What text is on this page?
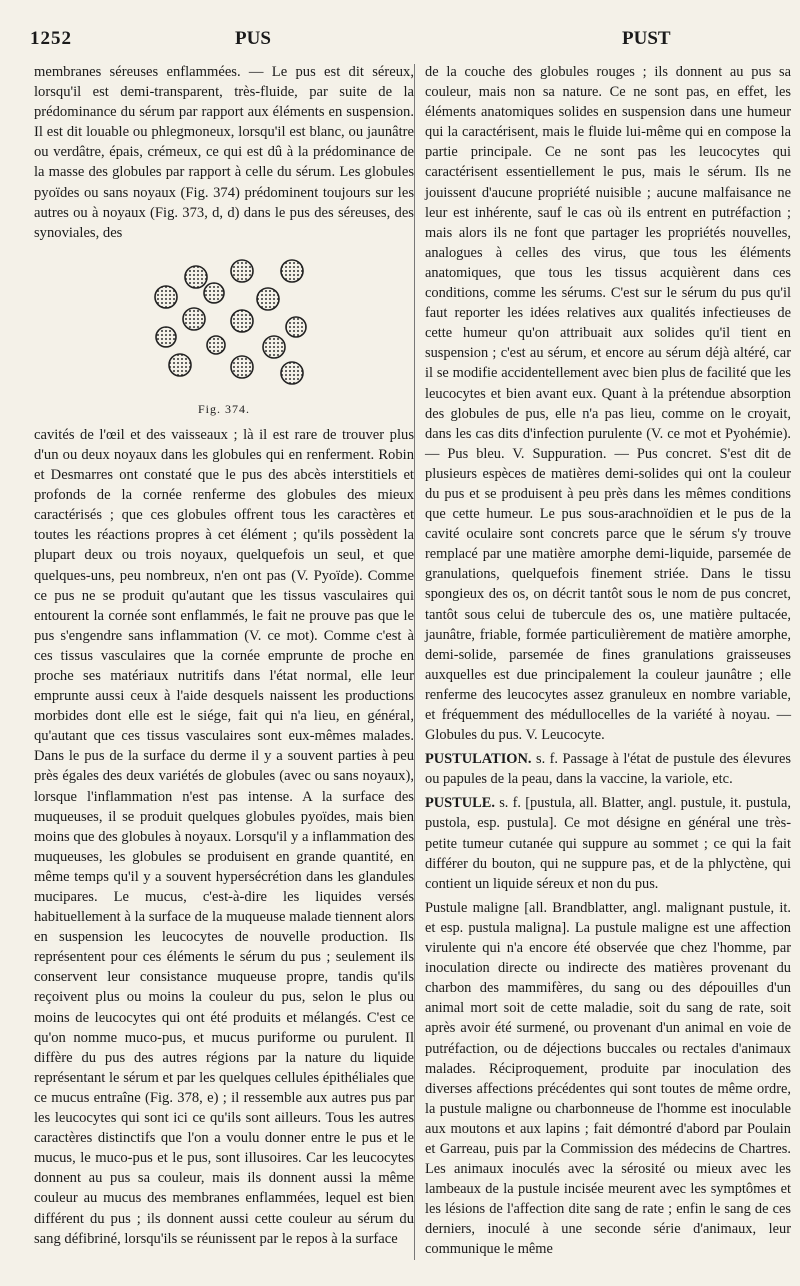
1252	PUS	PUST

membranes séreuses enflammées. — Le pus est dit séreux, lorsqu'il est demi-transparent, très-fluide, par suite de la prédominance du sérum par rapport aux éléments en suspension. Il est dit louable ou phlegmoneux, lorsqu'il est blanc, ou jaunâtre ou verdâtre, épais, crémeux, ce qui est dû à la prédominance de la masse des globules par rapport à celle du sérum. Les globules pyoïdes ou sans noyaux (Fig. 374) prédominent toujours sur les autres ou à noyaux (Fig. 373, d, d) dans le pus des séreuses, des synoviales, des

Fig. 374.

cavités de l'œil et des vaisseaux ; là il est rare de trouver plus d'un ou deux noyaux dans les globules qui en renferment. Robin et Desmarres ont constaté que le pus des abcès interstitiels et profonds de la cornée renferme des globules des mieux caractérisés ; que ces globules offrent tous les caractères et toutes les réactions propres à cet élément ; qu'ils possèdent la plupart deux ou trois noyaux, quelquefois un seul, et que quelques-uns, peu nombreux, n'en ont pas (V. Pyoïde). Comme ce pus ne se produit qu'autant que les tissus vasculaires qui entourent la cornée sont enflammés, le fait ne prouve pas que le pus s'engendre sans inflammation (V. ce mot). Comme c'est à ces tissus vasculaires que la cornée emprunte de proche en proche ses matériaux nutritifs dans l'état normal, elle leur emprunte aussi ceux à l'aide desquels naissent les productions morbides dont elle est le siége, fait qui n'a lieu, en général, qu'autant que ces tissus vasculaires sont eux-mêmes malades. Dans le pus de la surface du derme il y a souvent parties à peu près égales des deux variétés de globules (avec ou sans noyaux), lorsque l'inflammation n'est pas intense. A la surface des muqueuses, il se produit quelques globules pyoïdes, mais bien moins que des globules à noyaux. Lorsqu'il y a inflammation des muqueuses, les globules se produisent en grande quantité, en même temps qu'il y a souvent hypersécrétion dans les glandules mucipares. Le mucus, c'est-à-dire les liquides versés habituellement à la surface de la muqueuse malade tiennent alors en suspension les leucocytes de nouvelle production. Ils représentent pour ces éléments le sérum du pus ; seulement ils conservent leur consistance muqueuse propre, tandis qu'ils reçoivent plus ou moins la couleur du pus, selon le plus ou moins de leucocytes qui ont été produits et mélangés. C'est ce qu'on nomme muco-pus, et mucus puriforme ou purulent. Il diffère du pus des autres régions par la nature du liquide représentant le sérum et par les quelques cellules épithéliales que ce mucus entraîne (Fig. 378, e) ; il ressemble aux autres pus par les leucocytes qui sont ici ce qu'ils sont ailleurs. Tous les autres caractères distinctifs que l'on a voulu donner entre le pus et le mucus, le muco-pus et le pus, sont illusoires. Car les leucocytes donnent au pus sa couleur, mais ils donnent aussi la même couleur au mucus des membranes enflammées, lequel est bien différent du pus ; ils donnent aussi cette couleur au sérum du sang défibriné, lorsqu'ils se réunissent par le repos à la surface

de la couche des globules rouges ; ils donnent au pus sa couleur, mais non sa nature. Ce ne sont pas, en effet, les éléments anatomiques solides en suspension dans une humeur qui la caractérisent, mais le fluide lui-même qui en compose la partie principale. Ce ne sont pas les leucocytes qui caractérisent essentiellement le pus, mais le sérum. Ils ne jouissent d'aucune propriété nuisible ; aucune malfaisance ne leur est inhérente, sauf le cas où ils entrent en putréfaction ; mais alors ils ne font que partager les propriétés nouvelles, analogues à celles des virus, que tous les éléments anatomiques, que tous les tissus acquièrent dans ces conditions, comme les sérums. C'est sur le sérum du pus qu'il faut reporter les idées relatives aux qualités infectieuses de cette humeur qu'on attribuait aux solides qu'il tient en suspension ; c'est au sérum, et encore au sérum déjà altéré, car il se modifie accidentellement avec bien plus de facilité que les leucocytes et bien avant eux. Quant à la prétendue absorption des globules de pus, elle n'a pas lieu, comme on le croyait, dans les cas dits d'infection purulente (V. ce mot et Pyohémie). — Pus bleu. V. Suppuration. — Pus concret. S'est dit de plusieurs espèces de matières demi-solides qui ont la couleur du pus et se produisent à peu près dans les mêmes conditions que cette humeur. Le pus sous-arachnoïdien et le pus de la cavité oculaire sont concrets parce que le sérum s'y trouve remplacé par une matière amorphe demi-liquide, parsemée de granulations, quelquefois finement striée. Dans le tissu spongieux des os, on décrit tantôt sous le nom de pus concret, tantôt sous celui de tubercule des os, une matière pultacée, jaunâtre, friable, formée particulièrement de matière amorphe, demi-solide, parsemée de fines granulations graisseuses auxquelles est due principalement la couleur jaunâtre ; elle renferme des leucocytes assez granuleux en nombre variable, et fréquemment des médullocelles de la variété à noyau. — Globules du pus. V. Leucocyte.

PUSTULATION. s. f. Passage à l'état de pustule des élevures ou papules de la peau, dans la vaccine, la variole, etc.

PUSTULE. s. f. [pustula, all. Blatter, angl. pustule, it. pustula, pustola, esp. pustula]. Ce mot désigne en général une très-petite tumeur cutanée qui suppure au sommet ; ce qui la fait différer du bouton, qui ne suppure pas, et de la phlyctène, qui contient un liquide séreux et non du pus.

Pustule maligne [all. Brandblatter, angl. malignant pustule, it. et esp. pustula maligna]. La pustule maligne est une affection virulente qui n'a encore été observée que chez l'homme, par inoculation directe ou indirecte des matières provenant du charbon des mammifères, du sang ou des dépouilles d'un animal mort soit de cette maladie, soit du sang de rate, soit après avoir été surmené, ou provenant d'un animal en voie de putréfaction, ou de déjections buccales ou rectales d'animaux malades. Réciproquement, produite par inoculation des diverses affections précédentes qui sont toutes de même ordre, la pustule maligne ou charbonneuse de l'homme est inoculable aux moutons et aux lapins ; fait démontré d'abord par Poulain et Garreau, puis par la Commission des médecins de Chartres. Les animaux inoculés avec la sérosité ou mieux avec les lambeaux de la pustule incisée meurent avec les symptômes et les lésions de l'affection dite sang de rate ; enfin le sang de ces derniers, inoculé à une seconde série d'animaux, leur communique le même
